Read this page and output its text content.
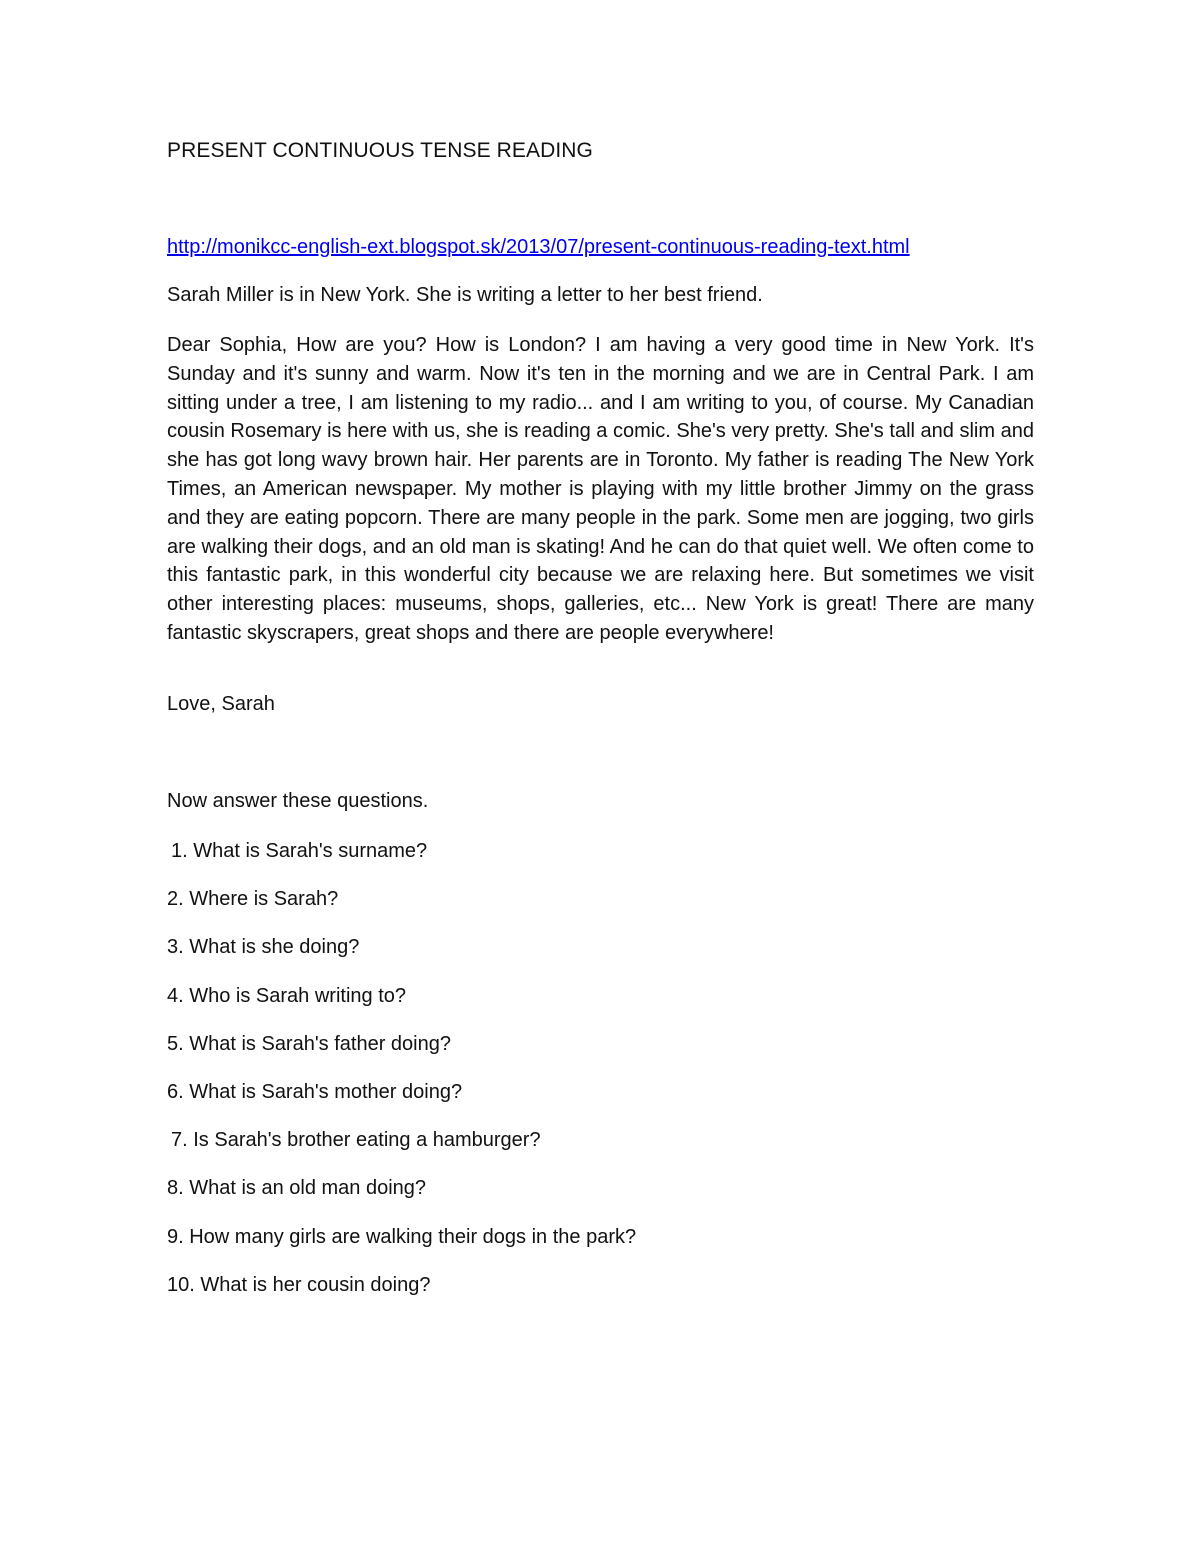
PRESENT CONTINUOUS TENSE READING
http://monikcc-english-ext.blogspot.sk/2013/07/present-continuous-reading-text.html

Sarah Miller is in New York. She is writing a letter to her best friend.

Dear Sophia, How are you? How is London? I am having a very good time in New York. It's Sunday and it's sunny and warm. Now it's ten in the morning and we are in Central Park. I am sitting under a tree, I am listening to my radio... and I am writing to you, of course. My Canadian cousin Rosemary is here with us, she is reading a comic. She's very pretty. She's tall and slim and she has got long wavy brown hair. Her parents are in Toronto. My father is reading The New York Times, an American newspaper. My mother is playing with my little brother Jimmy on the grass and they are eating popcorn. There are many people in the park. Some men are jogging, two girls are walking their dogs, and an old man is skating! And he can do that quiet well. We often come to this fantastic park, in this wonderful city because we are relaxing here. But sometimes we visit other interesting places: museums, shops, galleries, etc... New York is great! There are many fantastic skyscrapers, great shops and there are people everywhere!

Love, Sarah

Now answer these questions.

1. What is Sarah's surname?
2. Where is Sarah?
3. What is she doing?
4. Who is Sarah writing to?
5. What is Sarah's father doing?
6. What is Sarah's mother doing?
7. Is Sarah's brother eating a hamburger?
8. What is an old man doing?
9. How many girls are walking their dogs in the park?
10. What is her cousin doing?
